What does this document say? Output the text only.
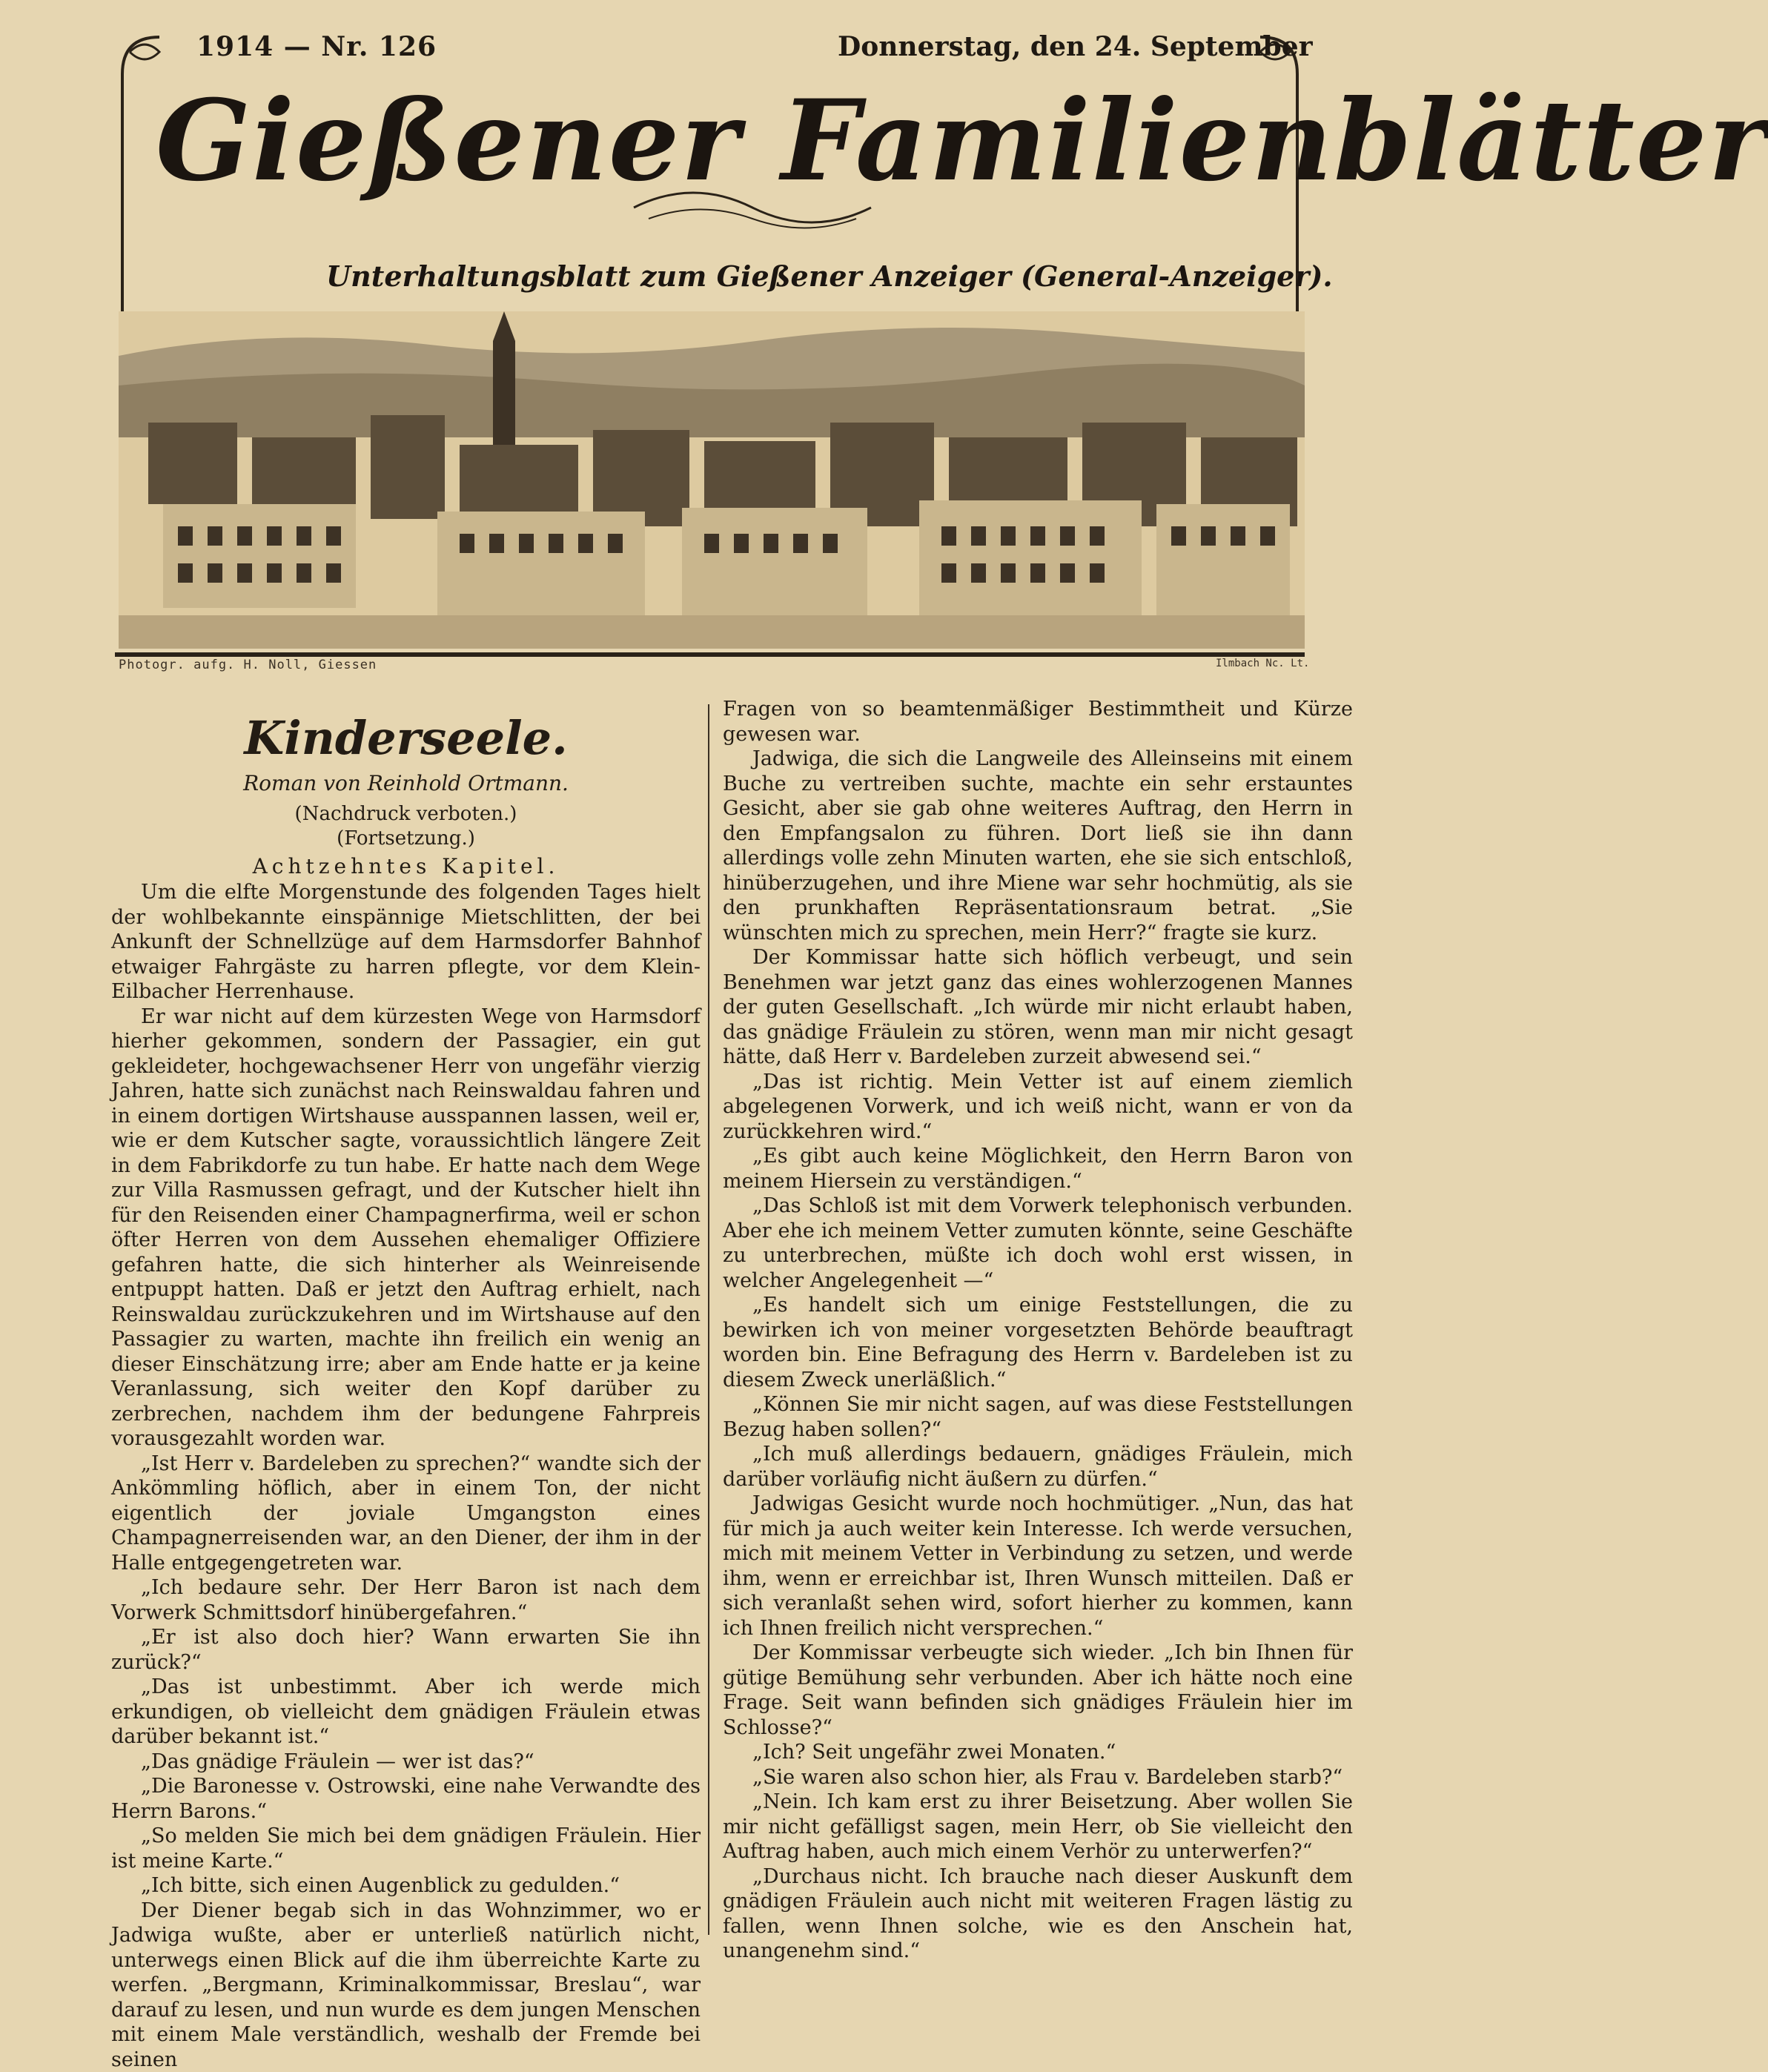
1914 — Nr. 126	Donnerstag, den 24. September
Gießener Familienblätter
Unterhaltungsblatt zum Gießener Anzeiger (General-Anzeiger).
Photogr. aufg. H. Noll, Giessen	Ilmbach Nc. Lt.
Kinderseele.
Roman von Reinhold Ortmann.
(Nachdruck verboten.)
(Fortsetzung.)
Achtzehntes Kapitel.

Um die elfte Morgenstunde des folgenden Tages hielt der wohlbekannte einspännige Mietschlitten, der bei Ankunft der Schnellzüge auf dem Harmsdorfer Bahnhof etwaiger Fahrgäste zu harren pflegte, vor dem Klein-Eilbacher Herrenhause.

Er war nicht auf dem kürzesten Wege von Harmsdorf hierher gekommen, sondern der Passagier, ein gut gekleideter, hochgewachsener Herr von ungefähr vierzig Jahren, hatte sich zunächst nach Reinswaldau fahren und in einem dortigen Wirtshause ausspannen lassen, weil er, wie er dem Kutscher sagte, voraussichtlich längere Zeit in dem Fabrikdorfe zu tun habe. Er hatte nach dem Wege zur Villa Rasmussen gefragt, und der Kutscher hielt ihn für den Reisenden einer Champagnerfirma, weil er schon öfter Herren von dem Aussehen ehemaliger Offiziere gefahren hatte, die sich hinterher als Weinreisende entpuppt hatten. Daß er jetzt den Auftrag erhielt, nach Reinswaldau zurückzukehren und im Wirtshause auf den Passagier zu warten, machte ihn freilich ein wenig an dieser Einschätzung irre; aber am Ende hatte er ja keine Veranlassung, sich weiter den Kopf darüber zu zerbrechen, nachdem ihm der bedungene Fahrpreis vorausgezahlt worden war.

„Ist Herr v. Bardeleben zu sprechen?“ wandte sich der Ankömmling höflich, aber in einem Ton, der nicht eigentlich der joviale Umgangston eines Champagnerreisenden war, an den Diener, der ihm in der Halle entgegengetreten war.

„Ich bedaure sehr. Der Herr Baron ist nach dem Vorwerk Schmittsdorf hinübergefahren.“

„Er ist also doch hier? Wann erwarten Sie ihn zurück?“

„Das ist unbestimmt. Aber ich werde mich erkundigen, ob vielleicht dem gnädigen Fräulein etwas darüber bekannt ist.“

„Das gnädige Fräulein — wer ist das?“

„Die Baronesse v. Ostrowski, eine nahe Verwandte des Herrn Barons.“

„So melden Sie mich bei dem gnädigen Fräulein. Hier ist meine Karte.“

„Ich bitte, sich einen Augenblick zu gedulden.“

Der Diener begab sich in das Wohnzimmer, wo er Jadwiga wußte, aber er unterließ natürlich nicht, unterwegs einen Blick auf die ihm überreichte Karte zu werfen. „Bergmann, Kriminalkommissar, Breslau“, war darauf zu lesen, und nun wurde es dem jungen Menschen mit einem Male verständlich, weshalb der Fremde bei seinen

Fragen von so beamtenmäßiger Bestimmtheit und Kürze gewesen war.

Jadwiga, die sich die Langweile des Alleinseins mit einem Buche zu vertreiben suchte, machte ein sehr erstauntes Gesicht, aber sie gab ohne weiteres Auftrag, den Herrn in den Empfangsalon zu führen. Dort ließ sie ihn dann allerdings volle zehn Minuten warten, ehe sie sich entschloß, hinüberzugehen, und ihre Miene war sehr hochmütig, als sie den prunkhaften Repräsentationsraum betrat. „Sie wünschten mich zu sprechen, mein Herr?“ fragte sie kurz.

Der Kommissar hatte sich höflich verbeugt, und sein Benehmen war jetzt ganz das eines wohlerzogenen Mannes der guten Gesellschaft. „Ich würde mir nicht erlaubt haben, das gnädige Fräulein zu stören, wenn man mir nicht gesagt hätte, daß Herr v. Bardeleben zurzeit abwesend sei.“

„Das ist richtig. Mein Vetter ist auf einem ziemlich abgelegenen Vorwerk, und ich weiß nicht, wann er von da zurückkehren wird.“

„Es gibt auch keine Möglichkeit, den Herrn Baron von meinem Hiersein zu verständigen.“

„Das Schloß ist mit dem Vorwerk telephonisch verbunden. Aber ehe ich meinem Vetter zumuten könnte, seine Geschäfte zu unterbrechen, müßte ich doch wohl erst wissen, in welcher Angelegenheit —“

„Es handelt sich um einige Feststellungen, die zu bewirken ich von meiner vorgesetzten Behörde beauftragt worden bin. Eine Befragung des Herrn v. Bardeleben ist zu diesem Zweck unerläßlich.“

„Können Sie mir nicht sagen, auf was diese Feststellungen Bezug haben sollen?“

„Ich muß allerdings bedauern, gnädiges Fräulein, mich darüber vorläufig nicht äußern zu dürfen.“

Jadwigas Gesicht wurde noch hochmütiger. „Nun, das hat für mich ja auch weiter kein Interesse. Ich werde versuchen, mich mit meinem Vetter in Verbindung zu setzen, und werde ihm, wenn er erreichbar ist, Ihren Wunsch mitteilen. Daß er sich veranlaßt sehen wird, sofort hierher zu kommen, kann ich Ihnen freilich nicht versprechen.“

Der Kommissar verbeugte sich wieder. „Ich bin Ihnen für gütige Bemühung sehr verbunden. Aber ich hätte noch eine Frage. Seit wann befinden sich gnädiges Fräulein hier im Schlosse?“

„Ich? Seit ungefähr zwei Monaten.“

„Sie waren also schon hier, als Frau v. Bardeleben starb?“

„Nein. Ich kam erst zu ihrer Beisetzung. Aber wollen Sie mir nicht gefälligst sagen, mein Herr, ob Sie vielleicht den Auftrag haben, auch mich einem Verhör zu unterwerfen?“

„Durchaus nicht. Ich brauche nach dieser Auskunft dem gnädigen Fräulein auch nicht mit weiteren Fragen lästig zu fallen, wenn Ihnen solche, wie es den Anschein hat, unangenehm sind.“
